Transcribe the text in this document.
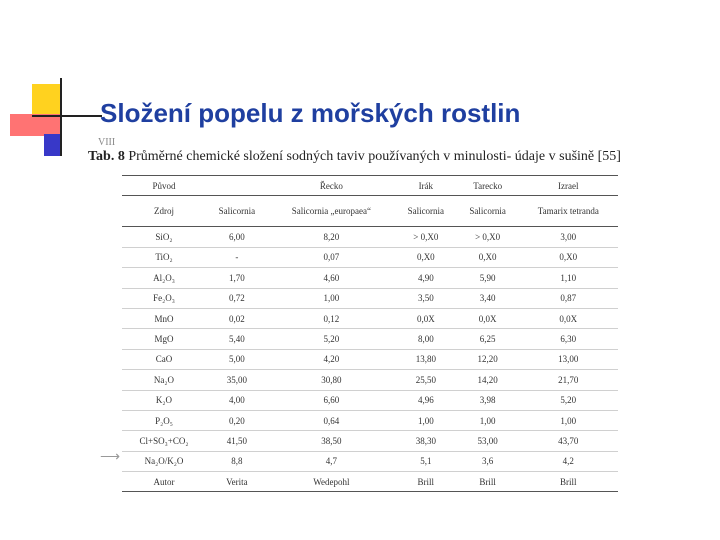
Složení popelu z mořských rostlin
VIII
Tab. 8 Průměrné chemické složení sodných taviv používaných v minulosti- údaje v sušině [55]
⟶
Původ		Řecko	Irák	Tarecko	Izrael
Zdroj	Salicornia	Salicornia „europaea“	Salicornia	Salicornia	Tamarix tetranda
SiO₂	6,00	8,20	> 0,X0	> 0,X0	3,00
TiO₂	-	0,07	0,X0	0,X0	0,X0
Al₂O₃	1,70	4,60	4,90	5,90	1,10
Fe₂O₃	0,72	1,00	3,50	3,40	0,87
MnO	0,02	0,12	0,0X	0,0X	0,0X
MgO	5,40	5,20	8,00	6,25	6,30
CaO	5,00	4,20	13,80	12,20	13,00
Na₂O	35,00	30,80	25,50	14,20	21,70
K₂O	4,00	6,60	4,96	3,98	5,20
P₂O₅	0,20	0,64	1,00	1,00	1,00
Cl+SO₃+CO₂	41,50	38,50	38,30	53,00	43,70
Na₂O/K₂O	8,8	4,7	5,1	3,6	4,2
Autor	Verita	Wedepohl	Brill	Brill	Brill
